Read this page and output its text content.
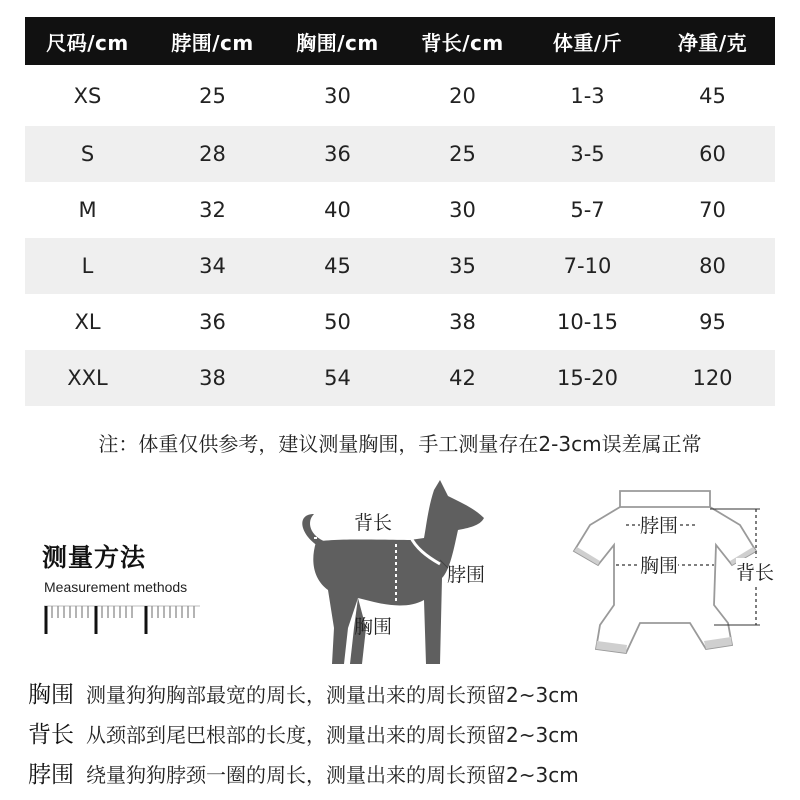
尺码/cm	脖围/cm	胸围/cm	背长/cm	体重/斤	净重/克
XS	25	30	20	1-3	45
S	28	36	25	3-5	60
M	32	40	30	5-7	70
L	34	45	35	7-10	80
XL	36	50	38	10-15	95
XXL	38	54	42	15-20	120
注：体重仅供参考，建议测量胸围，手工测量存在2-3cm误差属正常
测量方法
Measurement methods
背长
脖围
胸围
脖围
胸围	背长
胸围 测量狗狗胸部最宽的周长，测量出来的周长预留2~3cm
背长 从颈部到尾巴根部的长度，测量出来的周长预留2~3cm
脖围 绕量狗狗脖颈一圈的周长，测量出来的周长预留2~3cm
